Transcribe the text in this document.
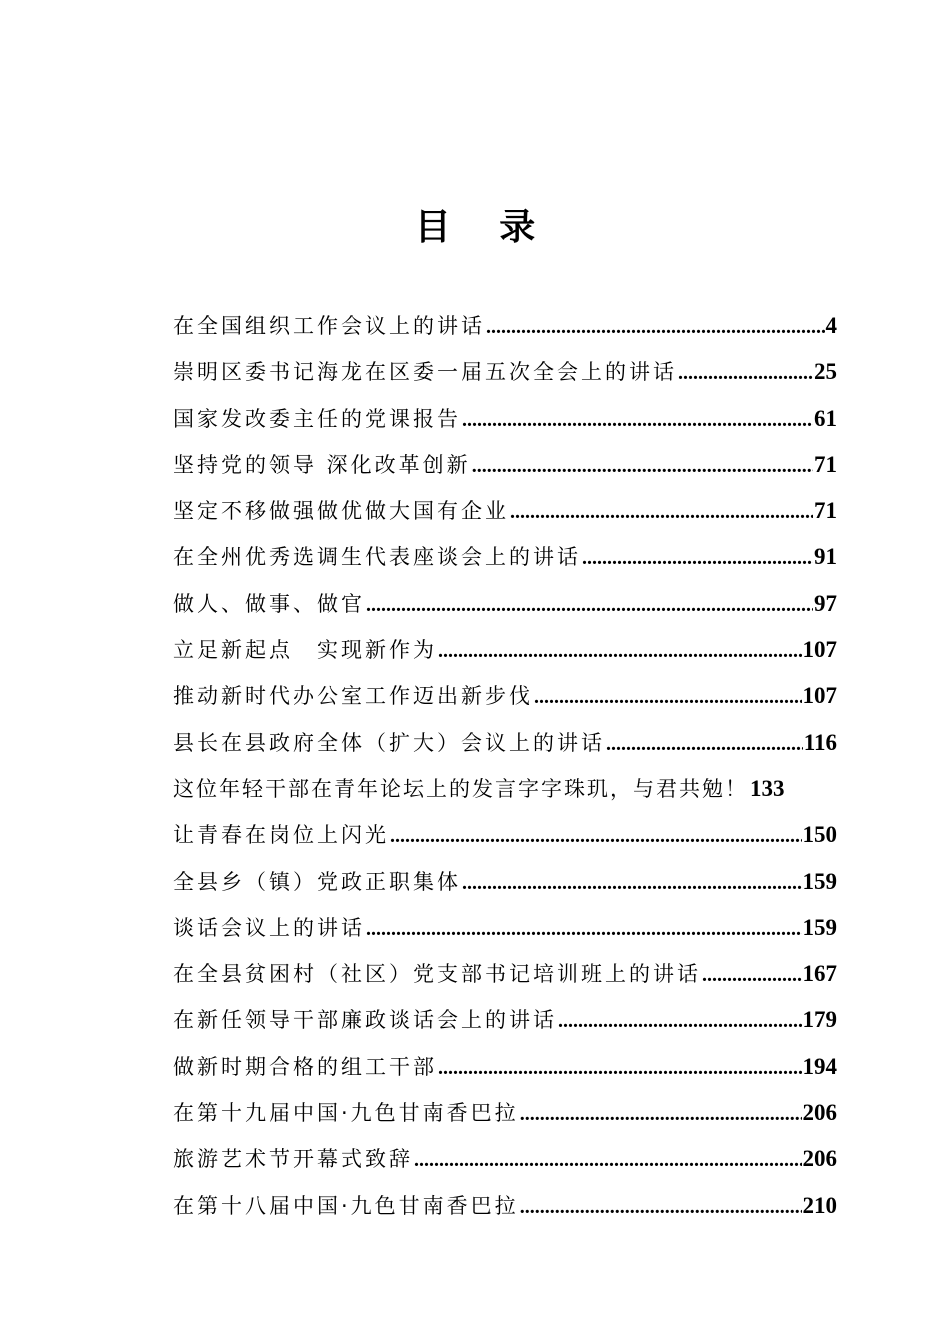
目 录
在全国组织工作会议上的讲话 .....	4
崇明区委书记海龙在区委一届五次全会上的讲话 .....	25
国家发改委主任的党课报告 .....	61
坚持党的领导 深化改革创新 .....	71
坚定不移做强做优做大国有企业 .....	71
在全州优秀选调生代表座谈会上的讲话 .....	91
做人、做事、做官 .....	97
立足新起点　实现新作为 .....	107
推动新时代办公室工作迈出新步伐 .....	107
县长在县政府全体（扩大）会议上的讲话 .....	116
这位年轻干部在青年论坛上的发言字字珠玑，与君共勉！ 133
让青春在岗位上闪光 .....	150
全县乡（镇）党政正职集体 .....	159
谈话会议上的讲话 .....	159
在全县贫困村（社区）党支部书记培训班上的讲话 .....	167
在新任领导干部廉政谈话会上的讲话 .....	179
做新时期合格的组工干部 .....	194
在第十九届中国·九色甘南香巴拉 .....	206
旅游艺术节开幕式致辞 .....	206
在第十八届中国·九色甘南香巴拉 .....	210
